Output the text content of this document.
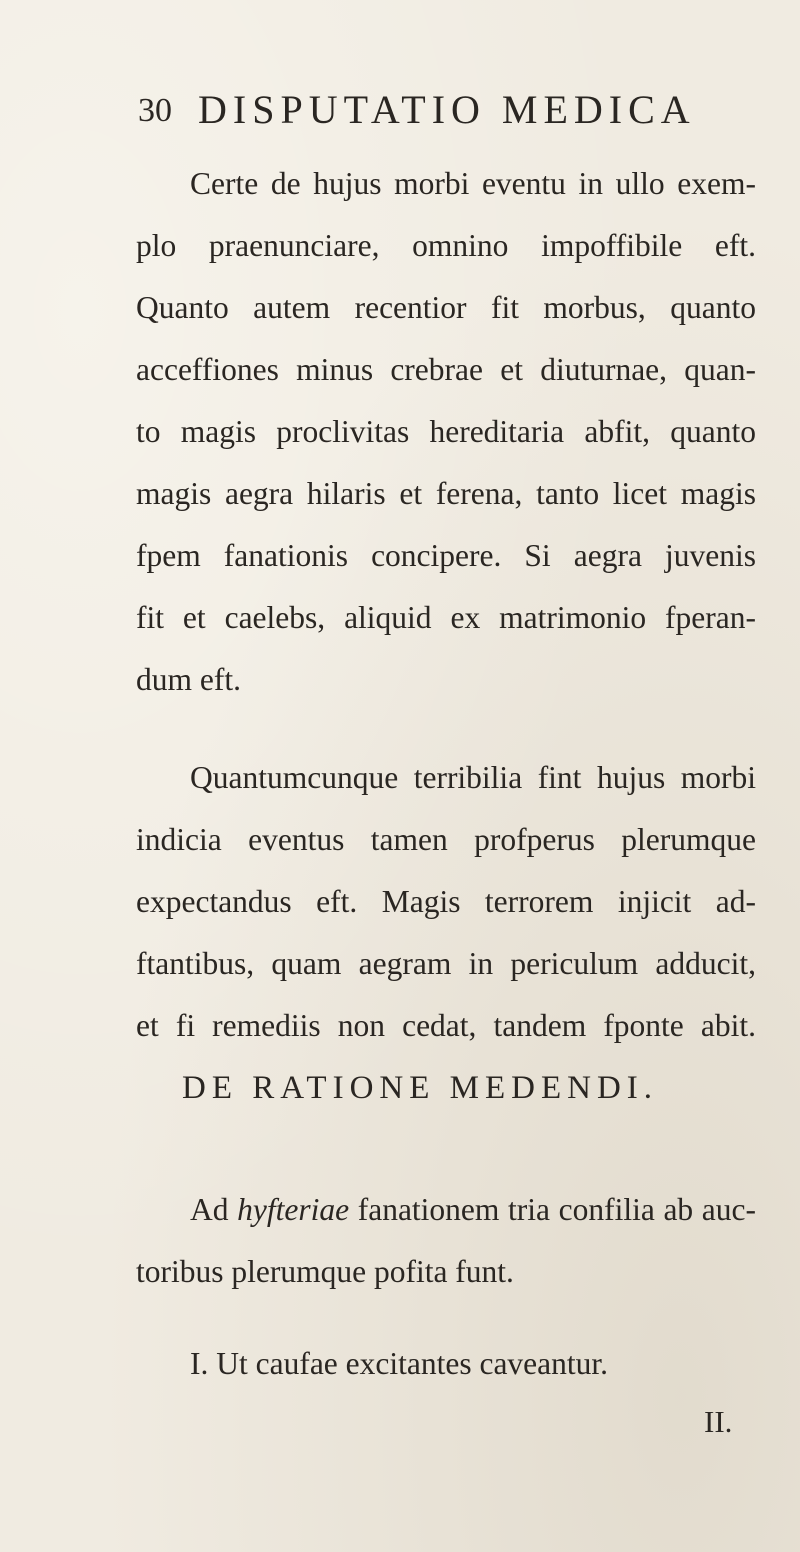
30 DISPUTATIO MEDICA
Certe de hujus morbi eventu in ullo exem-
plo praenunciare, omnino impoffibile eft.
Quanto autem recentior fit morbus, quanto
acceffiones minus crebrae et diuturnae, quan-
to magis proclivitas hereditaria abfit, quanto
magis aegra hilaris et ferena, tanto licet magis
fpem fanationis concipere. Si aegra juvenis
fit et caelebs, aliquid ex matrimonio fperan-
dum eft.
Quantumcunque terribilia fint hujus morbi
indicia eventus tamen profperus plerumque
expectandus eft. Magis terrorem injicit ad-
ftantibus, quam aegram in periculum adducit,
et fi remediis non cedat, tandem fponte abit.
DE RATIONE MEDENDI.
Ad hyfteriae fanationem tria confilia ab auc-
toribus plerumque pofita funt.
I. Ut caufae excitantes caveantur.
II.
